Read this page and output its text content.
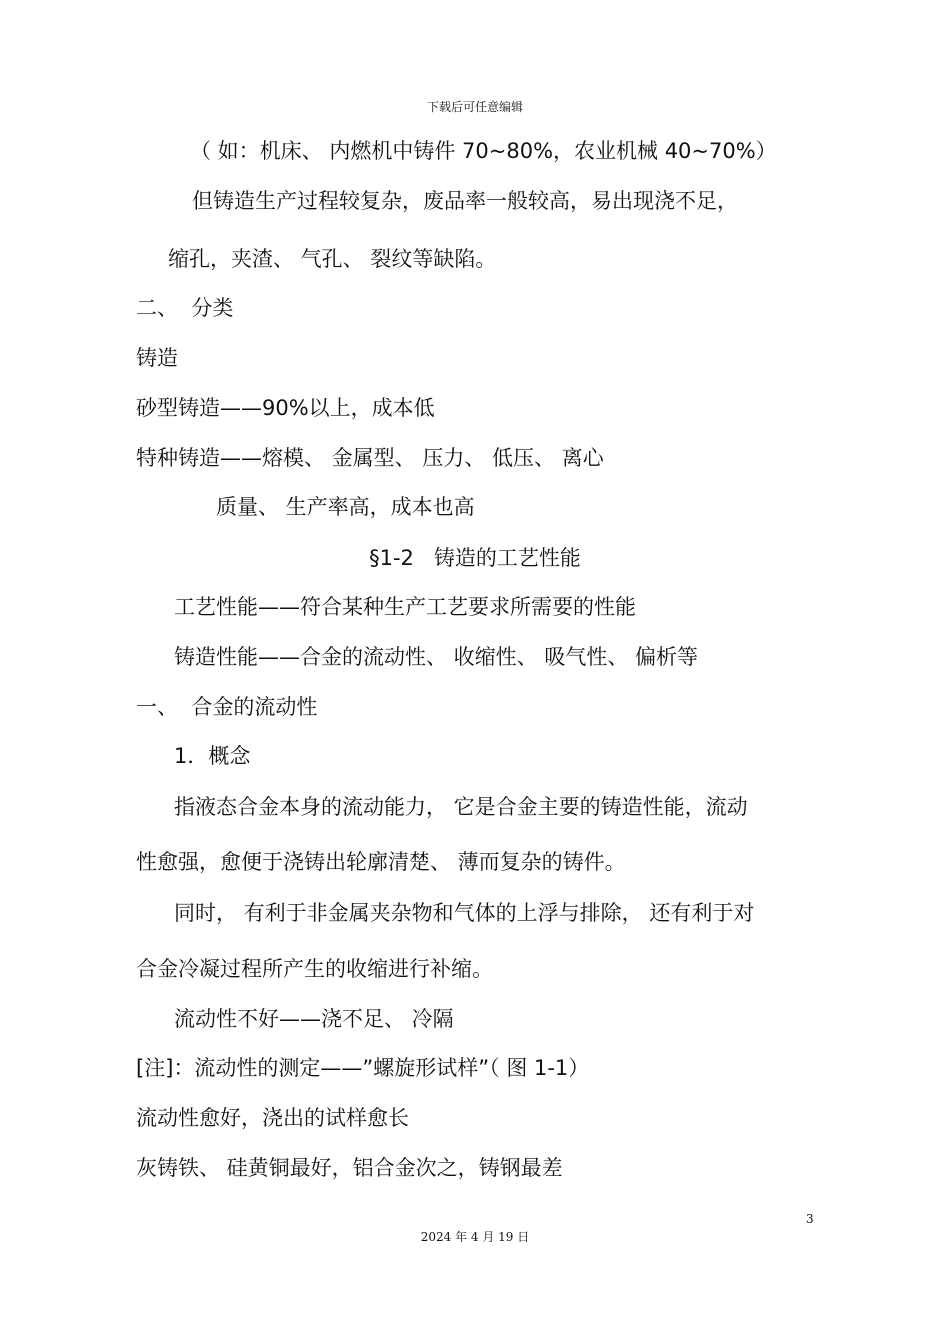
下载后可任意编辑
（ 如：机床、 内燃机中铸件 70~80%，农业机械 40~70%）
但铸造生产过程较复杂，废品率一般较高，易出现浇不足，
缩孔，夹渣、 气孔、 裂纹等缺陷。
二、  分类
铸造
砂型铸造——90%以上，成本低
特种铸造——熔模、 金属型、 压力、 低压、 离心
质量、 生产率高，成本也高
§1-2   铸造的工艺性能
工艺性能——符合某种生产工艺要求所需要的性能
铸造性能——合金的流动性、 收缩性、 吸气性、 偏析等
一、  合金的流动性
1．概念
指液态合金本身的流动能力， 它是合金主要的铸造性能，流动
性愈强，愈便于浇铸出轮廓清楚、 薄而复杂的铸件。
同时， 有利于非金属夹杂物和气体的上浮与排除， 还有利于对
合金冷凝过程所产生的收缩进行补缩。
流动性不好——浇不足、 冷隔
[注]：流动性的测定——”螺旋形试样”（ 图 1-1）
流动性愈好，浇出的试样愈长
灰铸铁、 硅黄铜最好，铝合金次之，铸钢最差
3
2024 年 4 月 19 日
